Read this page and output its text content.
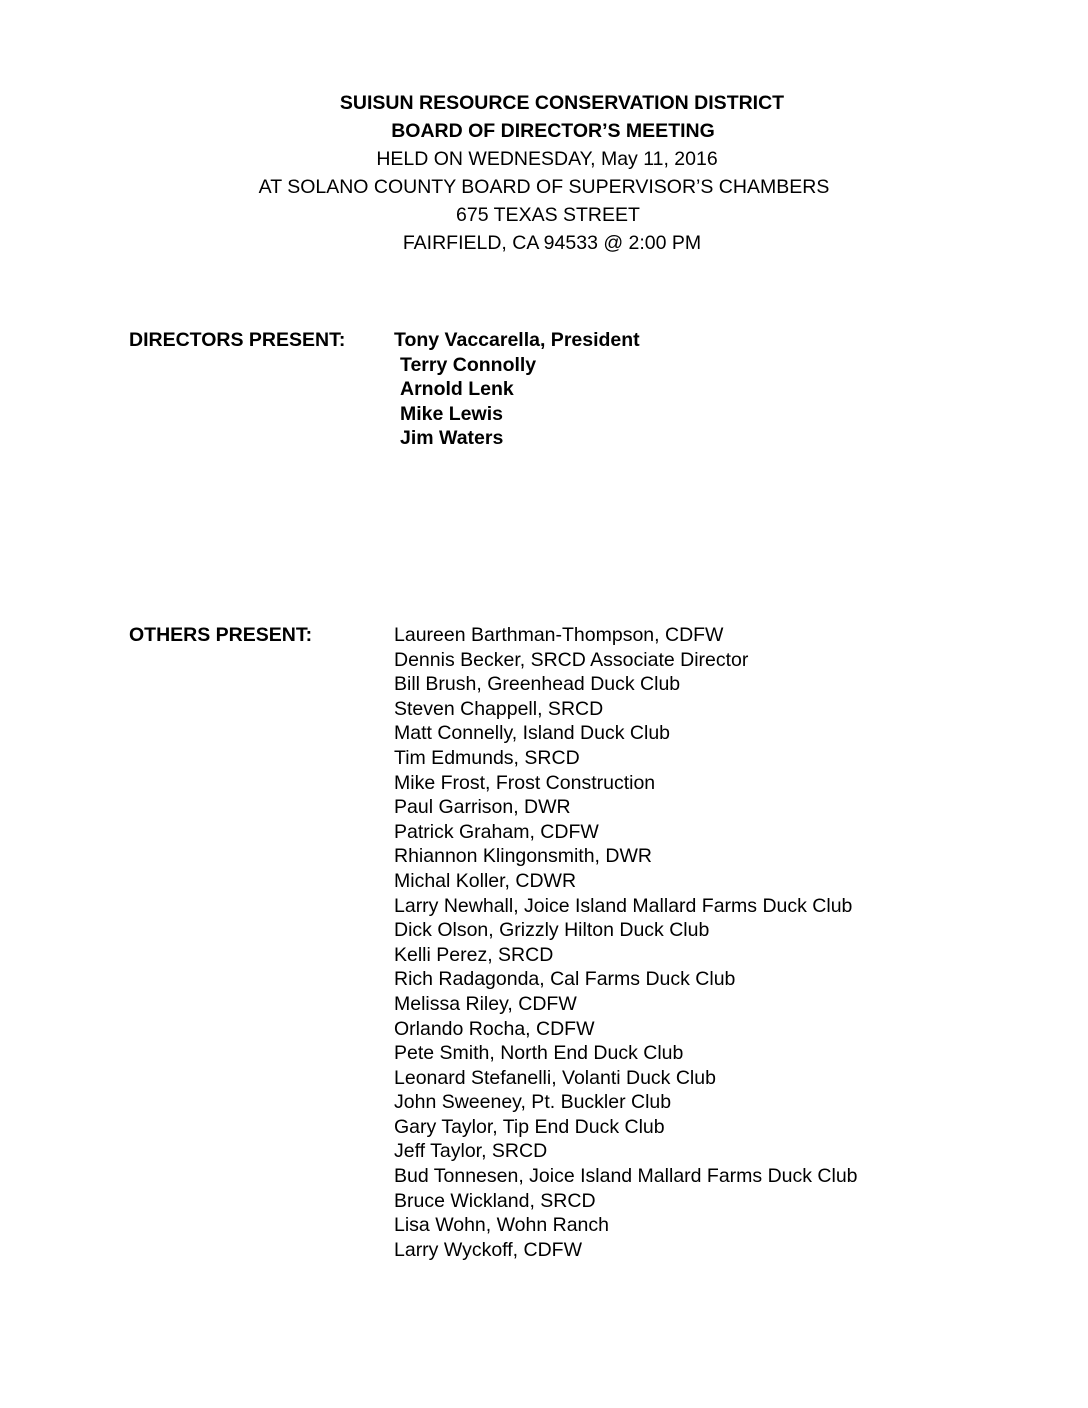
SUISUN RESOURCE CONSERVATION DISTRICT
BOARD OF DIRECTOR’S MEETING
HELD ON WEDNESDAY, May 11, 2016
AT SOLANO COUNTY BOARD OF SUPERVISOR’S CHAMBERS
675 TEXAS STREET
FAIRFIELD, CA 94533 @ 2:00 PM
DIRECTORS PRESENT: Tony Vaccarella, President
Terry Connolly
Arnold Lenk
Mike Lewis
Jim Waters
OTHERS PRESENT:	Laureen Barthman-Thompson, CDFW
Dennis Becker, SRCD Associate Director
Bill Brush, Greenhead Duck Club
Steven Chappell, SRCD
Matt Connelly, Island Duck Club
Tim Edmunds, SRCD
Mike Frost, Frost Construction
Paul Garrison, DWR
Patrick Graham, CDFW
Rhiannon Klingonsmith, DWR
Michal Koller, CDWR
Larry Newhall, Joice Island Mallard Farms Duck Club
Dick Olson, Grizzly Hilton Duck Club
Kelli Perez, SRCD
Rich Radagonda, Cal Farms Duck Club
Melissa Riley, CDFW
Orlando Rocha, CDFW
Pete Smith, North End Duck Club
Leonard Stefanelli, Volanti Duck Club
John Sweeney, Pt. Buckler Club
Gary Taylor, Tip End Duck Club
Jeff Taylor, SRCD
Bud Tonnesen, Joice Island Mallard Farms Duck Club
Bruce Wickland, SRCD
Lisa Wohn, Wohn Ranch
Larry Wyckoff, CDFW
